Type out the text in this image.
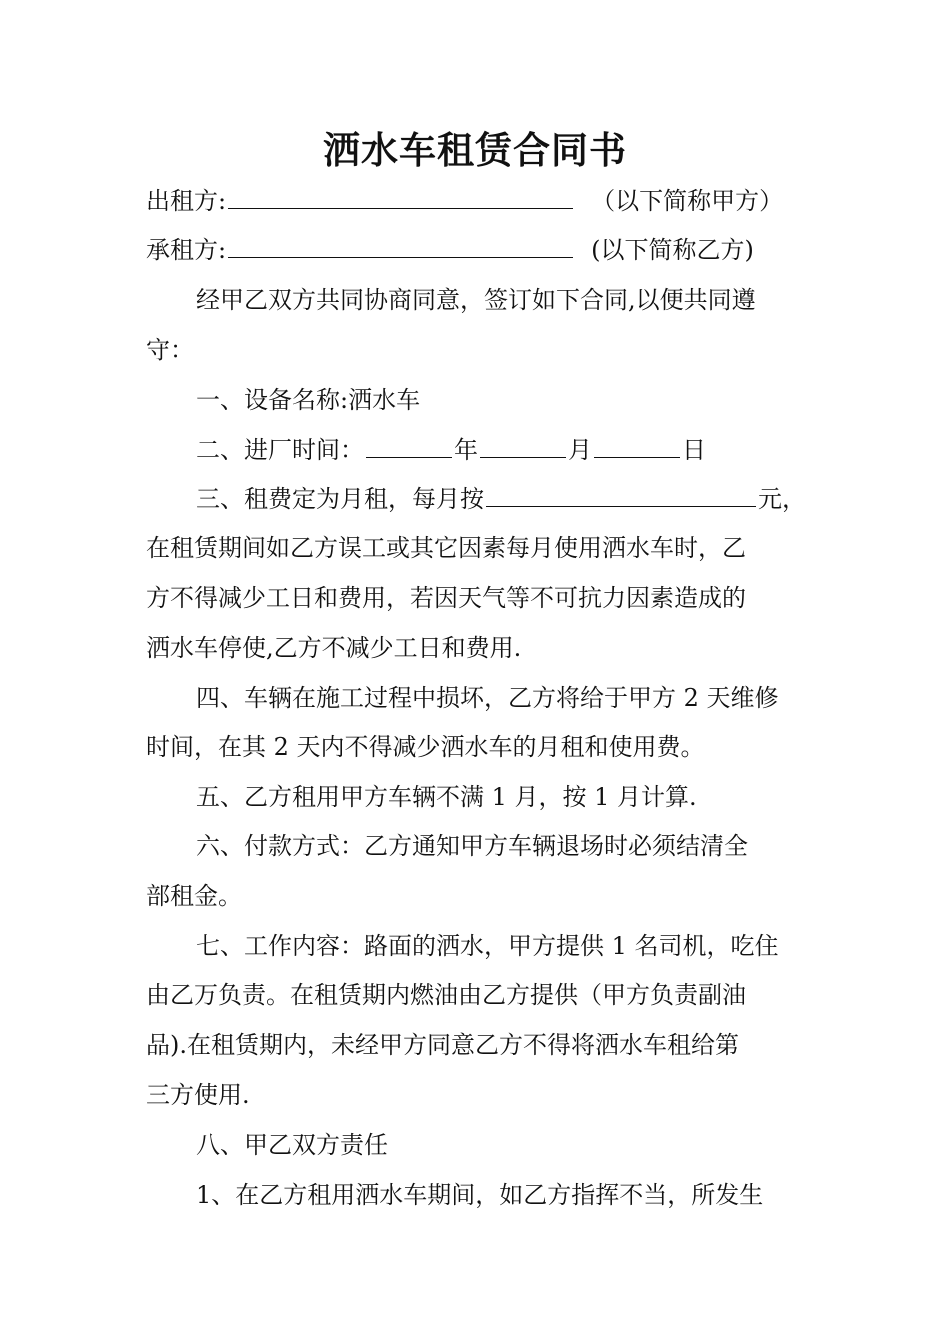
洒水车租赁合同书

出租方:	（以下简称甲方）

承租方:	(以下简称乙方)

经甲乙双方共同协商同意，签订如下合同,以便共同遵

守：

一、设备名称:洒水车

二、进厂时间：	年	月	日

三、租费定为月租，每月按	元，

在租赁期间如乙方误工或其它因素每月使用洒水车时，乙

方不得减少工日和费用，若因天气等不可抗力因素造成的

洒水车停使,乙方不减少工日和费用.

四、车辆在施工过程中损坏，乙方将给于甲方 2 天维修

时间，在其 2 天内不得减少洒水车的月租和使用费。

五、乙方租用甲方车辆不满 1 月，按 1 月计算.

六、付款方式：乙方通知甲方车辆退场时必须结清全

部租金。

七、工作内容：路面的洒水，甲方提供 1 名司机，吃住

由乙万负责。在租赁期内燃油由乙方提供（甲方负责副油

品).在租赁期内，未经甲方同意乙方不得将洒水车租给第

三方使用.

八、甲乙双方责任

1、在乙方租用洒水车期间，如乙方指挥不当，所发生
